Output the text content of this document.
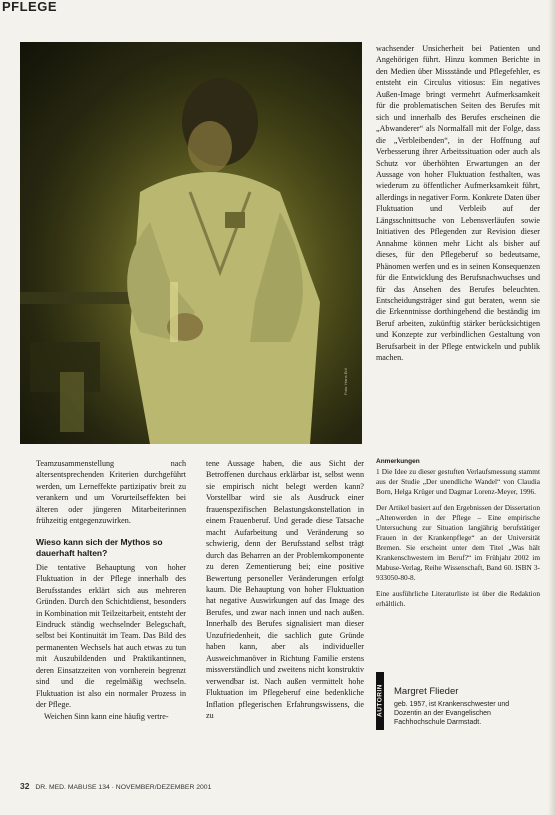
PFLEGE
Foto: Hans Ertl

wachsender Unsicherheit bei Patienten und Angehörigen führt. Hinzu kommen Berichte in den Medien über Missstände und Pflegefehler, es entsteht ein Circulus vitiosus: Ein negatives Außen-Image bringt vermehrt Aufmerksamkeit für die problematischen Seiten des Berufes mit sich und innerhalb des Berufes erscheinen die „Abwanderer“ als Normalfall mit der Folge, dass die „Verbleibenden“, in der Hoffnung auf Verbesserung ihrer Arbeitssituation oder auch als Schutz vor überhöhten Erwartungen an der Aussage von hoher Fluktuation festhalten, was wiederum zu öffentlicher Aufmerksamkeit führt, allerdings in negativer Form. Konkrete Daten über Fluktuation und Verbleib auf der Längsschnittsuche von Lebensverläufen sowie Initiativen des Pflegenden zur Revision dieser Annahme können mehr Licht als bisher auf dieses, für den Pflegeberuf so bedeutsame, Phänomen werfen und es in seinen Konsequenzen für die Entwicklung des Berufsnachwuchses und für das Ansehen des Berufes beleuchten. Entscheidungsträger sind gut beraten, wenn sie die Erkenntnisse dorthingehend die beständig im Beruf arbeiten, zukünftig stärker berücksichtigen und Konzepte zur verbindlichen Gestaltung von Berufsarbeit in der Pflege entwickeln und publik machen.

Teamzusammenstellung nach altersentsprechenden Kriterien durchgeführt werden, um Lerneffekte partizipativ breit zu verankern und um Vorurteilseffekten bei älteren oder jüngeren Mitarbeiterinnen frühzeitig entgegenzuwirken.

Wieso kann sich der Mythos so dauerhaft halten?

Die tentative Behauptung von hoher Fluktuation in der Pflege innerhalb des Berufsstandes erklärt sich aus mehreren Gründen. Durch den Schichtdienst, besonders in Kombination mit Teilzeitarbeit, entsteht der Eindruck ständig wechselnder Belegschaft, selbst bei Kontinuität im Team. Das Bild des permanenten Wechsels hat auch etwas zu tun mit Auszubildenden und Praktikantinnen, deren Einsatzzeiten von vornherein begrenzt sind und die regelmäßig wechseln. Fluktuation ist also ein normaler Prozess in der Pflege.

Weichen Sinn kann eine häufig vertre-

tene Aussage haben, die aus Sicht der Betroffenen durchaus erklärbar ist, selbst wenn sie empirisch nicht belegt werden kann? Vorstellbar wird sie als Ausdruck einer frauenspezifischen Belastungskonstellation in einem Frauenberuf. Und gerade diese Tatsache macht Aufarbeitung und Veränderung so schwierig, denn der Berufsstand selbst trägt durch das Beharren an der Problemkomponente zu deren Zementierung bei; eine positive Bewertung personeller Veränderungen erfolgt kaum. Die Behauptung von hoher Fluktuation hat negative Auswirkungen auf das Image des Berufes, und zwar nach innen und nach außen. Innerhalb des Berufes signalisiert man dieser Unzufriedenheit, die sachlich gute Gründe haben kann, aber als individueller Ausweichmanöver in Richtung Familie erstens missverständlich und zweitens nicht konstruktiv verwendbar ist. Nach außen vermittelt hohe Fluktuation im Pflegeberuf eine bedenkliche Inflation pflegerischen Erfahrungswissens, die zu

Anmerkungen

1 Die Idee zu dieser gestuften Verlaufsmessung stammt aus der Studie „Der unendliche Wandel“ von Claudia Born, Helga Krüger und Dagmar Lorenz-Meyer, 1996.

Der Artikel basiert auf den Ergebnissen der Dissertation „Altenwerden in der Pflege – Eine empirische Untersuchung zur Situation langjährig berufstätiger Frauen in der Krankenpflege“ an der Universität Bremen. Sie erscheint unter dem Titel „Was hält Krankenschwestern im Beruf?“ im Frühjahr 2002 im Mabuse-Verlag, Reihe Wissenschaft, Band 60. ISBN 3-933050-80-8.

Eine ausführliche Literaturliste ist über die Redaktion erhältlich.

AUTORIN Margret Flieder
geb. 1957, ist Krankenschwester und Dozentin an der Evangelischen Fachhochschule Darmstadt.
32 DR. MED. MABUSE 134 · NOVEMBER/DEZEMBER 2001
